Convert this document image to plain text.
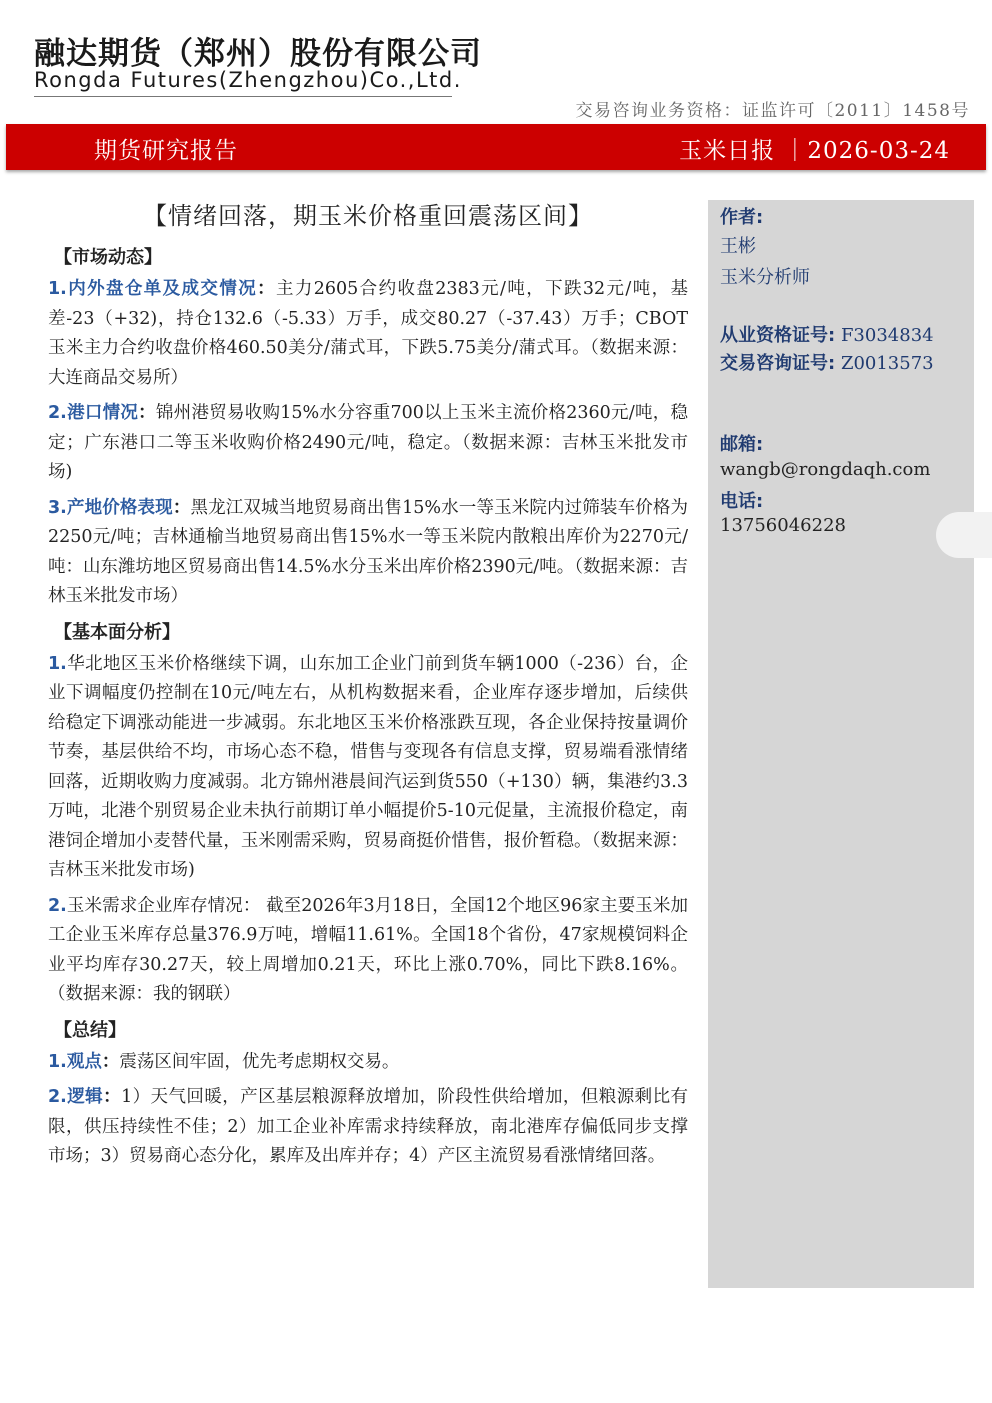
融达期货（郑州）股份有限公司
Rongda Futures(Zhengzhou)Co.,Ltd.
交易咨询业务资格：证监许可〔2011〕1458号
期货研究报告	玉米日报 ｜2026-03-24
作者:
王彬
玉米分析师
从业资格证号: F3034834
交易咨询证号: Z0013573
邮箱:
wangb@rongdaqh.com
电话:
13756046228
【情绪回落，期玉米价格重回震荡区间】
【市场动态】

1.内外盘仓单及成交情况：主力2605合约收盘2383元/吨，下跌32元/吨，基差-23（+32)，持仓132.6（-5.33）万手，成交80.27（-37.43）万手；CBOT玉米主力合约收盘价格460.50美分/蒲式耳，下跌5.75美分/蒲式耳。（数据来源：大连商品交易所）

2.港口情况：锦州港贸易收购15%水分容重700以上玉米主流价格2360元/吨，稳定；广东港口二等玉米收购价格2490元/吨，稳定。（数据来源：吉林玉米批发市场)

3.产地价格表现：黑龙江双城当地贸易商出售15%水一等玉米院内过筛装车价格为2250元/吨；吉林通榆当地贸易商出售15%水一等玉米院内散粮出库价为2270元/吨：山东潍坊地区贸易商出售14.5%水分玉米出库价格2390元/吨。（数据来源：吉林玉米批发市场）

【基本面分析】

1.华北地区玉米价格继续下调，山东加工企业门前到货车辆1000（-236）台，企业下调幅度仍控制在10元/吨左右，从机构数据来看，企业库存逐步增加，后续供给稳定下调涨动能进一步减弱。东北地区玉米价格涨跌互现，各企业保持按量调价节奏，基层供给不均，市场心态不稳，惜售与变现各有信息支撑，贸易端看涨情绪回落，近期收购力度减弱。北方锦州港晨间汽运到货550（+130）辆，集港约3.3万吨，北港个别贸易企业未执行前期订单小幅提价5-10元促量，主流报价稳定，南港饲企增加小麦替代量，玉米刚需采购，贸易商挺价惜售，报价暂稳。（数据来源：吉林玉米批发市场)

2.玉米需求企业库存情况： 截至2026年3月18日，全国12个地区96家主要玉米加工企业玉米库存总量376.9万吨，增幅11.61%。全国18个省份，47家规模饲料企业平均库存30.27天，较上周增加0.21天，环比上涨0.70%，同比下跌8.16%。（数据来源：我的钢联）

【总结】

1.观点：震荡区间牢固，优先考虑期权交易。

2.逻辑：1）天气回暖，产区基层粮源释放增加，阶段性供给增加，但粮源剩比有限，供压持续性不佳；2）加工企业补库需求持续释放，南北港库存偏低同步支撑市场；3）贸易商心态分化，累库及出库并存；4）产区主流贸易看涨情绪回落。
